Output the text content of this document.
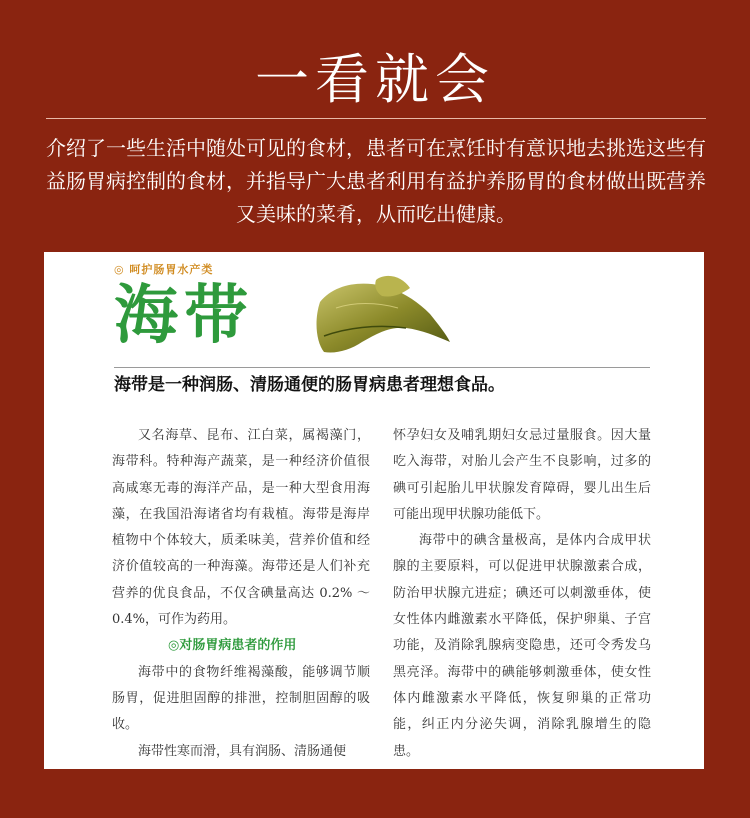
一看就会
介绍了一些生活中随处可见的食材，患者可在烹饪时有意识地去挑选这些有益肠胃病控制的食材，并指导广大患者利用有益护养肠胃的食材做出既营养又美味的菜肴，从而吃出健康。
◎ 呵护肠胃水产类
海带
海带是一种润肠、清肠通便的肠胃病患者理想食品。

又名海草、昆布、江白菜，属褐藻门，海带科。特种海产蔬菜，是一种经济价值很高咸寒无毒的海洋产品，是一种大型食用海藻，在我国沿海诸省均有栽植。海带是海岸植物中个体较大，质柔味美，营养价值和经济价值较高的一种海藻。海带还是人们补充营养的优良食品，不仅含碘量高达 0.2% ～ 0.4%，可作为药用。

◎对肠胃病患者的作用

海带中的食物纤维褐藻酸，能够调节顺肠胃，促进胆固醇的排泄，控制胆固醇的吸收。

海带性寒而滑，具有润肠、清肠通便

怀孕妇女及哺乳期妇女忌过量服食。因大量吃入海带，对胎儿会产生不良影响，过多的碘可引起胎儿甲状腺发育障碍，婴儿出生后可能出现甲状腺功能低下。

海带中的碘含量极高，是体内合成甲状腺的主要原料，可以促进甲状腺激素合成，防治甲状腺亢进症；碘还可以刺激垂体，使女性体内雌激素水平降低，保护卵巢、子宫功能，及消除乳腺病变隐患，还可令秀发乌黑亮泽。海带中的碘能够刺激垂体，使女性体内雌激素水平降低，恢复卵巢的正常功能，纠正内分泌失调，消除乳腺增生的隐患。
